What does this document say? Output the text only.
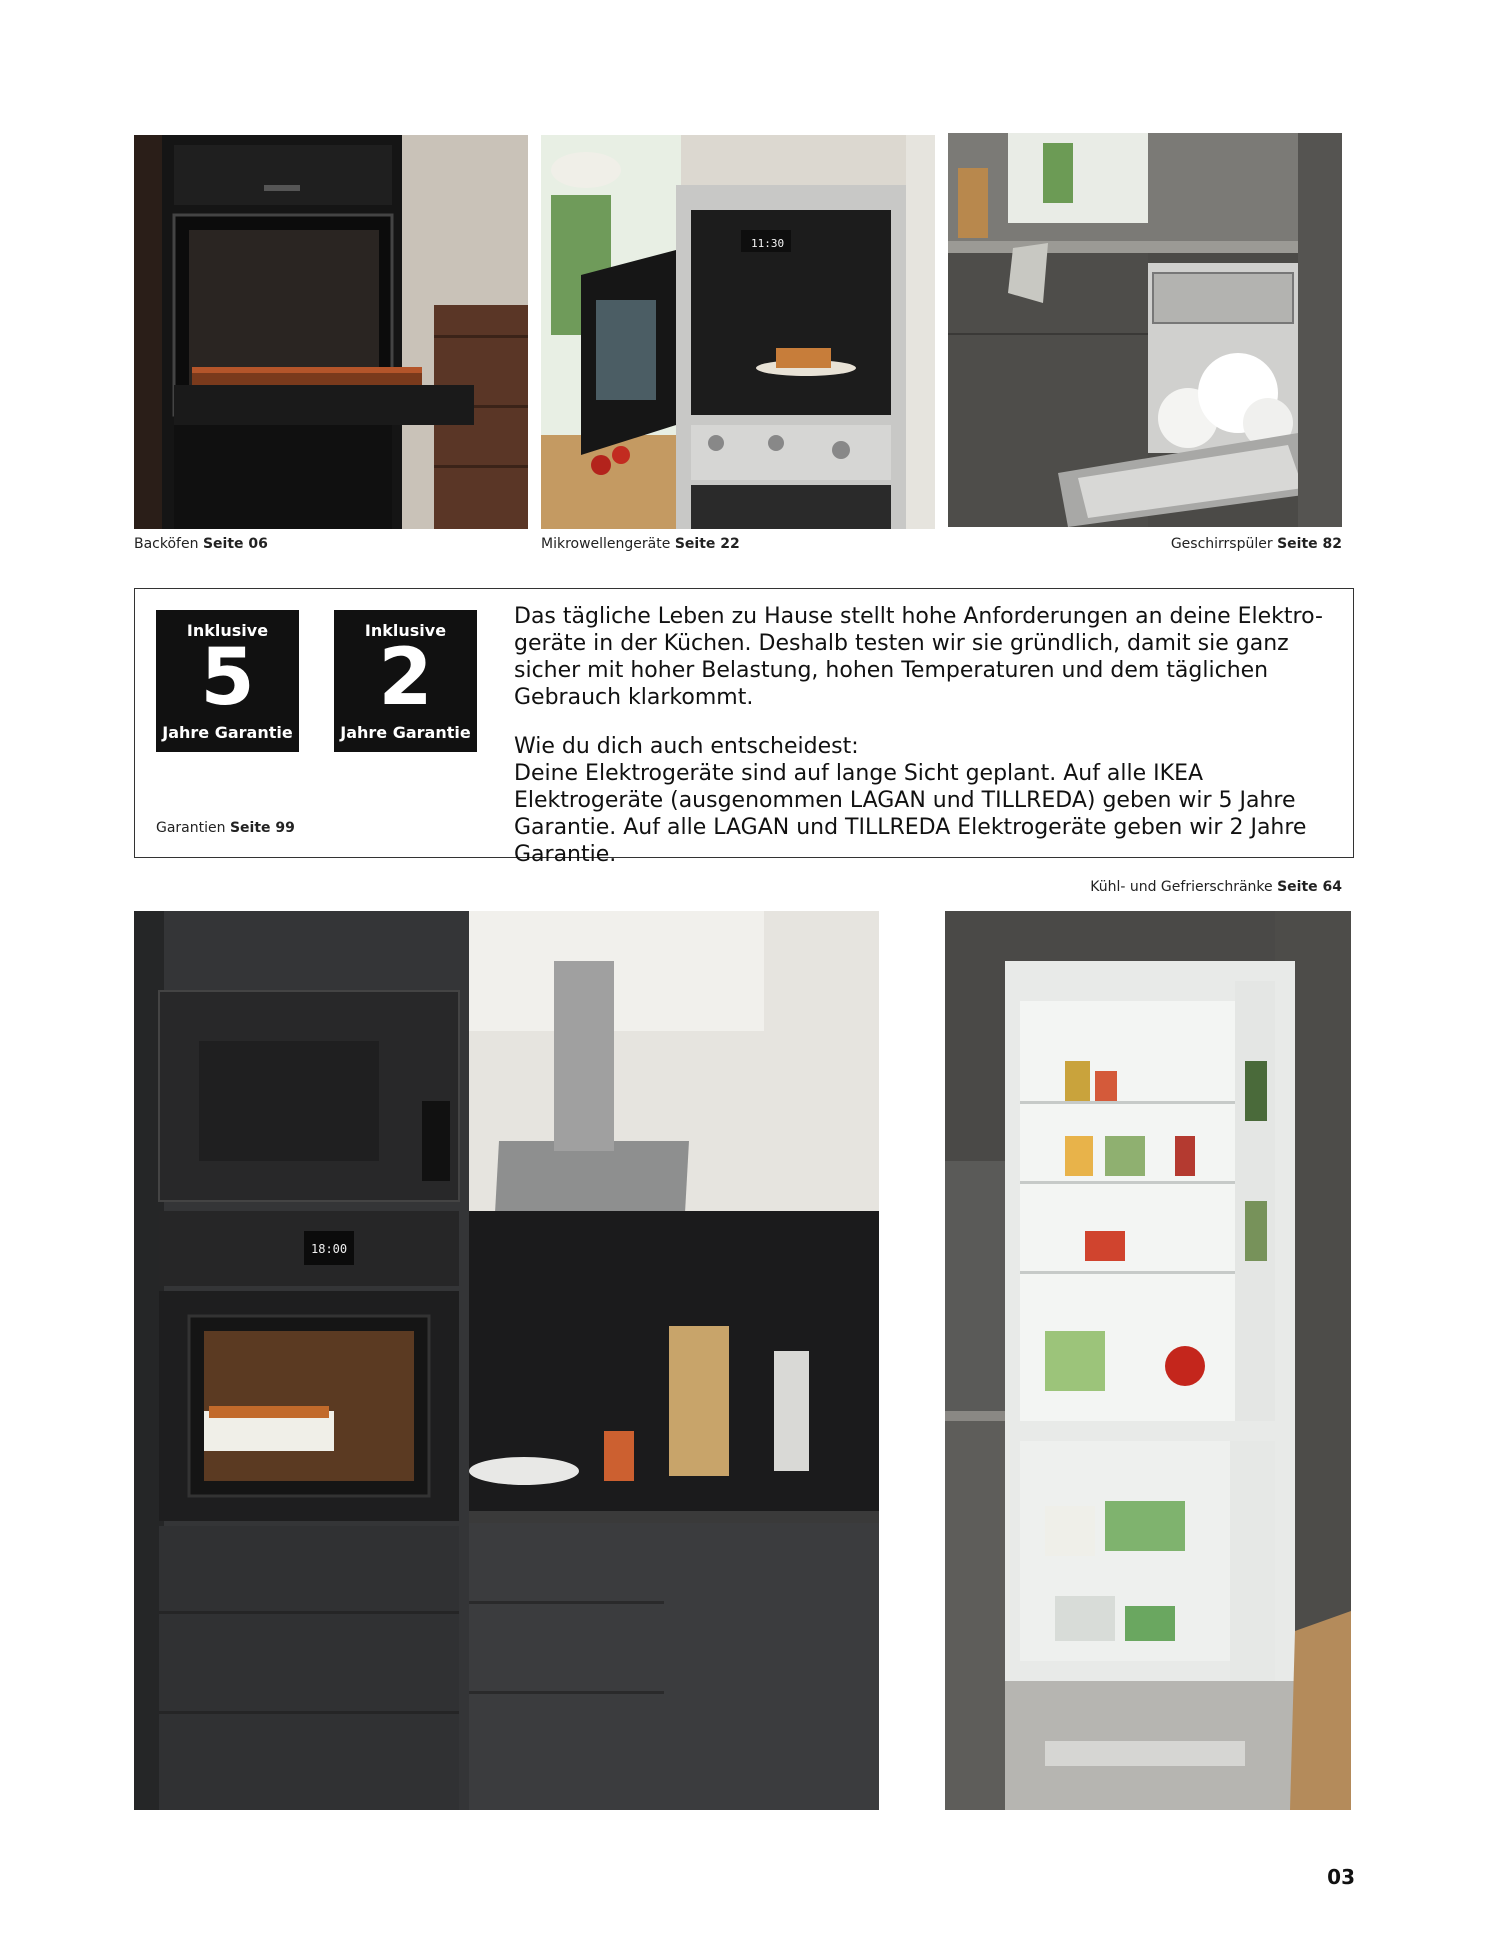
Backöfen Seite 06
11:30
Mikrowellengeräte Seite 22	Geschirrspüler Seite 82
Inklusive
5
Jahre Garantie
Inklusive
2
Jahre Garantie
Garantien Seite 99
Das tägliche Leben zu Hause stellt hohe Anforderungen an deine Elektro-geräte in der Küchen. Deshalb testen wir sie gründlich, damit sie ganz sicher mit hoher Belastung, hohen Temperaturen und dem täglichen Gebrauch klarkommt.
Wie du dich auch entscheidest:
Deine Elektrogeräte sind auf lange Sicht geplant. Auf alle IKEA Elektrogeräte (ausgenommen LAGAN und TILLREDA) geben wir 5 Jahre Garantie. Auf alle LAGAN und TILLREDA Elektrogeräte geben wir 2 Jahre Garantie.
Kühl- und Gefrierschränke Seite 64
18:00
03
